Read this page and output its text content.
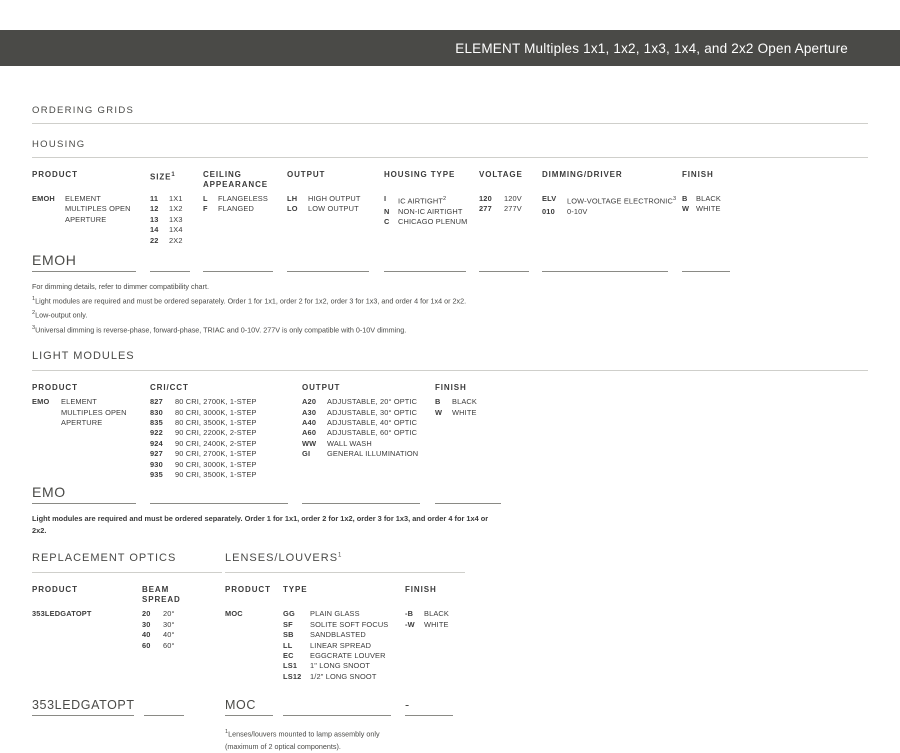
ELEMENT Multiples 1x1, 1x2, 1x3, 1x4, and 2x2 Open Aperture
ORDERING GRIDS
HOUSING
PRODUCT
EMOH	ELEMENT MULTIPLES OPEN APERTURE
SIZE$^1$
11	1X1
12	1X2
13	1X3
14	1X4
22	2X2
CEILING APPEARANCE
L	FLANGELESS
F	FLANGED
OUTPUT
LH	HIGH OUTPUT
LO	LOW OUTPUT
HOUSING TYPE
I	IC AIRTIGHT$^2$
N	NON-IC AIRTIGHT
C	CHICAGO PLENUM
VOLTAGE
120	120V
277	277V
DIMMING/DRIVER
ELV	LOW-VOLTAGE ELECTRONIC$^3$
010	0-10V
FINISH
B	BLACK
W WHITE
EMOH

For dimming details, refer to dimmer compatibility chart.
$^1$Light modules are required and must be ordered separately. Order 1 for 1x1, order 2 for 1x2, order 3 for 1x3, and order 4 for 1x4 or 2x2.
$^2$Low-output only.
$^3$Universal dimming is reverse-phase, forward-phase, TRIAC and 0-10V. 277V is only compatible with 0-10V dimming.
LIGHT MODULES
PRODUCT
EMO	ELEMENT MULTIPLES OPEN APERTURE
CRI/CCT
827	80 CRI, 2700K, 1-STEP
830	80 CRI, 3000K, 1-STEP
835	80 CRI, 3500K, 1-STEP
922	90 CRI, 2200K, 2-STEP
924	90 CRI, 2400K, 2-STEP
927	90 CRI, 2700K, 1-STEP
930	90 CRI, 3000K, 1-STEP
935	90 CRI, 3500K, 1-STEP
OUTPUT
A20	ADJUSTABLE, 20° OPTIC
A30	ADJUSTABLE, 30° OPTIC
A40	ADJUSTABLE, 40° OPTIC
A60	ADJUSTABLE, 60° OPTIC
WW	WALL WASH
GI	GENERAL ILLUMINATION
FINISH
B	BLACK
W	WHITE
EMO

Light modules are required and must be ordered separately. Order 1 for 1x1, order 2 for 1x2, order 3 for 1x3, and order 4 for 1x4 or 2x2.
REPLACEMENT OPTICS
PRODUCT
353LEDGATOPT
BEAM SPREAD
20	20°
30	30°
40	40°
60	60°
LENSES/LOUVERS$^1$
PRODUCT
MOC
TYPE
GG	PLAIN GLASS
SF	SOLITE SOFT FOCUS
SB	SANDBLASTED
LL	LINEAR SPREAD
EC	EGGCRATE LOUVER
LS1	1" LONG SNOOT
LS12	1/2" LONG SNOOT
FINISH
-B	BLACK
-W	WHITE
353LEDGATOPT
	MOC
	-
$^1$Lenses/louvers mounted to lamp assembly only
(maximum of 2 optical components).
